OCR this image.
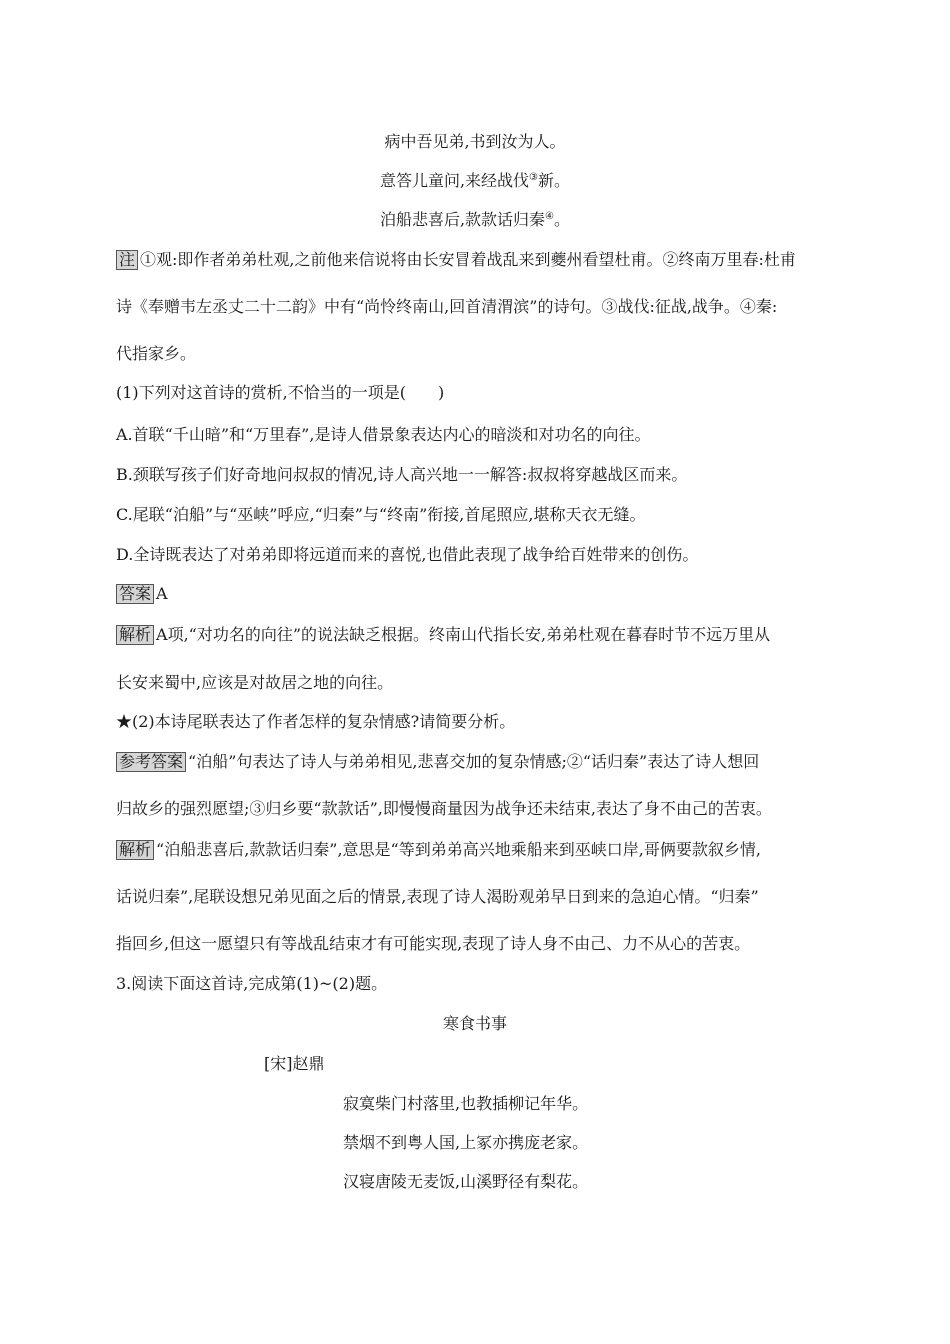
病中吾见弟,书到汝为人。
意答儿童问,来经战伐③新。
泊船悲喜后,款款话归秦④。
注 ①观:即作者弟弟杜观,之前他来信说将由长安冒着战乱来到夔州看望杜甫。②终南万里春:杜甫
诗《奉赠韦左丞丈二十二韵》中有“尚怜终南山,回首清渭滨”的诗句。③战伐:征战,战争。④秦:
代指家乡。
(1)下列对这首诗的赏析,不恰当的一项是(　　)
A.首联“千山暗”和“万里春”,是诗人借景象表达内心的暗淡和对功名的向往。
B.颈联写孩子们好奇地问叔叔的情况,诗人高兴地一一解答:叔叔将穿越战区而来。
C.尾联“泊船”与“巫峡”呼应,“归秦”与“终南”衔接,首尾照应,堪称天衣无缝。
D.全诗既表达了对弟弟即将远道而来的喜悦,也借此表现了战争给百姓带来的创伤。
答案 A
解析 A项,“对功名的向往”的说法缺乏根据。终南山代指长安,弟弟杜观在暮春时节不远万里从
长安来蜀中,应该是对故居之地的向往。
★(2)本诗尾联表达了作者怎样的复杂情感?请简要分析。
参考答案 “泊船”句表达了诗人与弟弟相见,悲喜交加的复杂情感;②“话归秦”表达了诗人想回
归故乡的强烈愿望;③归乡要“款款话”,即慢慢商量因为战争还未结束,表达了身不由己的苦衷。
解析 “泊船悲喜后,款款话归秦”,意思是“等到弟弟高兴地乘船来到巫峡口岸,哥俩要款叙乡情,
话说归秦”,尾联设想兄弟见面之后的情景,表现了诗人渴盼观弟早日到来的急迫心情。“归秦”
指回乡,但这一愿望只有等战乱结束才有可能实现,表现了诗人身不由己、力不从心的苦衷。
3.阅读下面这首诗,完成第(1)~(2)题。
寒食书事
[宋]赵鼎
寂寞柴门村落里,也教插柳记年华。
禁烟不到粤人国,上冢亦携庞老家。
汉寝唐陵无麦饭,山溪野径有梨花。
